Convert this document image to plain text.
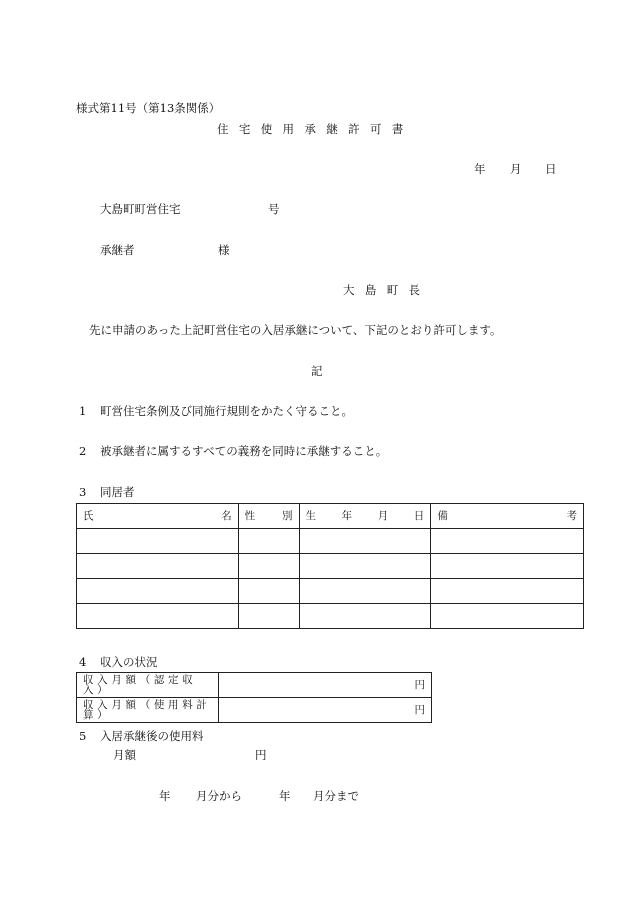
様式第11号（第13条関係）
住宅使用承継許可書
年 月 日
大島町町営住宅	号
承継者	様
大島町長
先に申請のあった上記町営住宅の入居承継について、下記のとおり許可します。
記
1 町営住宅条例及び同施行規則をかたく守ること。
2 被承継者に属するすべての義務を同時に承継すること。
3 同居者
氏 名	性 別	生 年 月 日	備 考

4 収入の状況
収入月額（認定収入）	円
収入月額（使用料計算）	円
5 入居承継後の使用料
月額	円
年 月分から	年 月分まで
